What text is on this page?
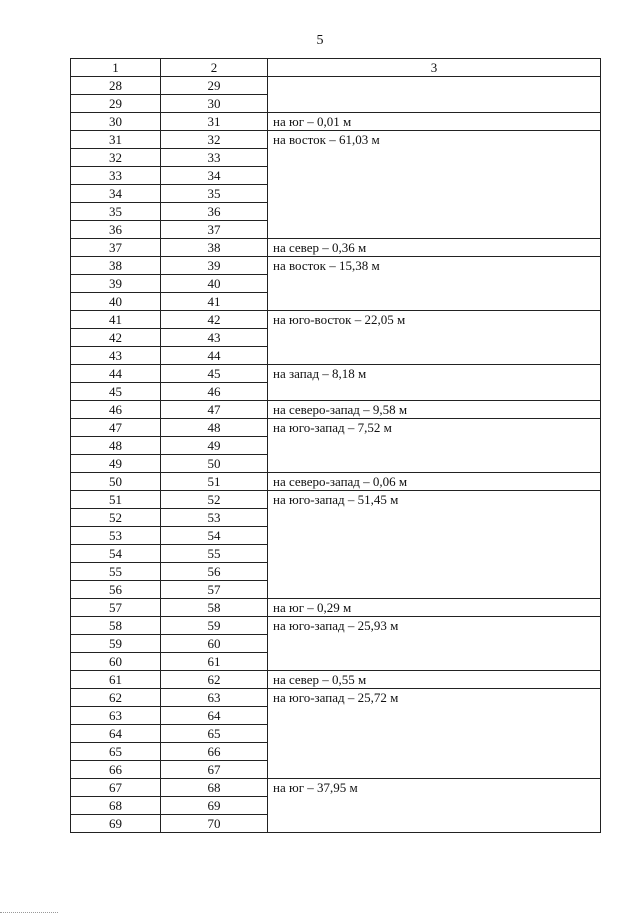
5
1	2	3
28	29	
29	30	
30	31	на юг – 0,01 м
31	32	на восток – 61,03 м
32	33	
33	34	
34	35	
35	36	
36	37	
37	38	на север – 0,36 м
38	39	на восток – 15,38 м
39	40	
40	41	
41	42	на юго-восток – 22,05 м
42	43	
43	44	
44	45	на запад – 8,18 м
45	46	
46	47	на северо-запад – 9,58 м
47	48	на юго-запад – 7,52 м
48	49	
49	50	
50	51	на северо-запад – 0,06 м
51	52	на юго-запад – 51,45 м
52	53	
53	54	
54	55	
55	56	
56	57	
57	58	на юг – 0,29 м
58	59	на юго-запад – 25,93 м
59	60	
60	61	
61	62	на север – 0,55 м
62	63	на юго-запад – 25,72 м
63	64	
64	65	
65	66	
66	67	
67	68	на юг – 37,95 м
68	69	
69	70	
